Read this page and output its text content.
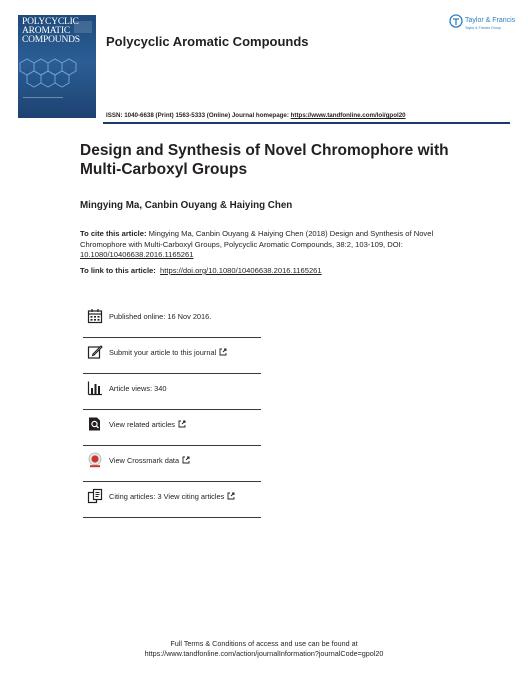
POLYCYCLIC AROMATIC COMPOUNDS Polycyclic Aromatic Compounds
Taylor & Francis
Taylor & Francis Group
ISSN: 1040-6638 (Print) 1563-5333 (Online) Journal homepage: https://www.tandfonline.com/loi/gpol20
Design and Synthesis of Novel Chromophore with
Multi-Carboxyl Groups
Mingying Ma, Canbin Ouyang & Haiying Chen
To cite this article: Mingying Ma, Canbin Ouyang & Haiying Chen (2018) Design and Synthesis of Novel Chromophore with Multi-Carboxyl Groups, Polycyclic Aromatic Compounds, 38:2, 103-109, DOI: 10.1080/10406638.2016.1165261
To link to this article: https://doi.org/10.1080/10406638.2016.1165261
Published online: 16 Nov 2016.
Submit your article to this journal
Article views: 340
View related articles
View Crossmark data
Citing articles: 3 View citing articles
Full Terms & Conditions of access and use can be found at
https://www.tandfonline.com/action/journalInformation?journalCode=gpol20
